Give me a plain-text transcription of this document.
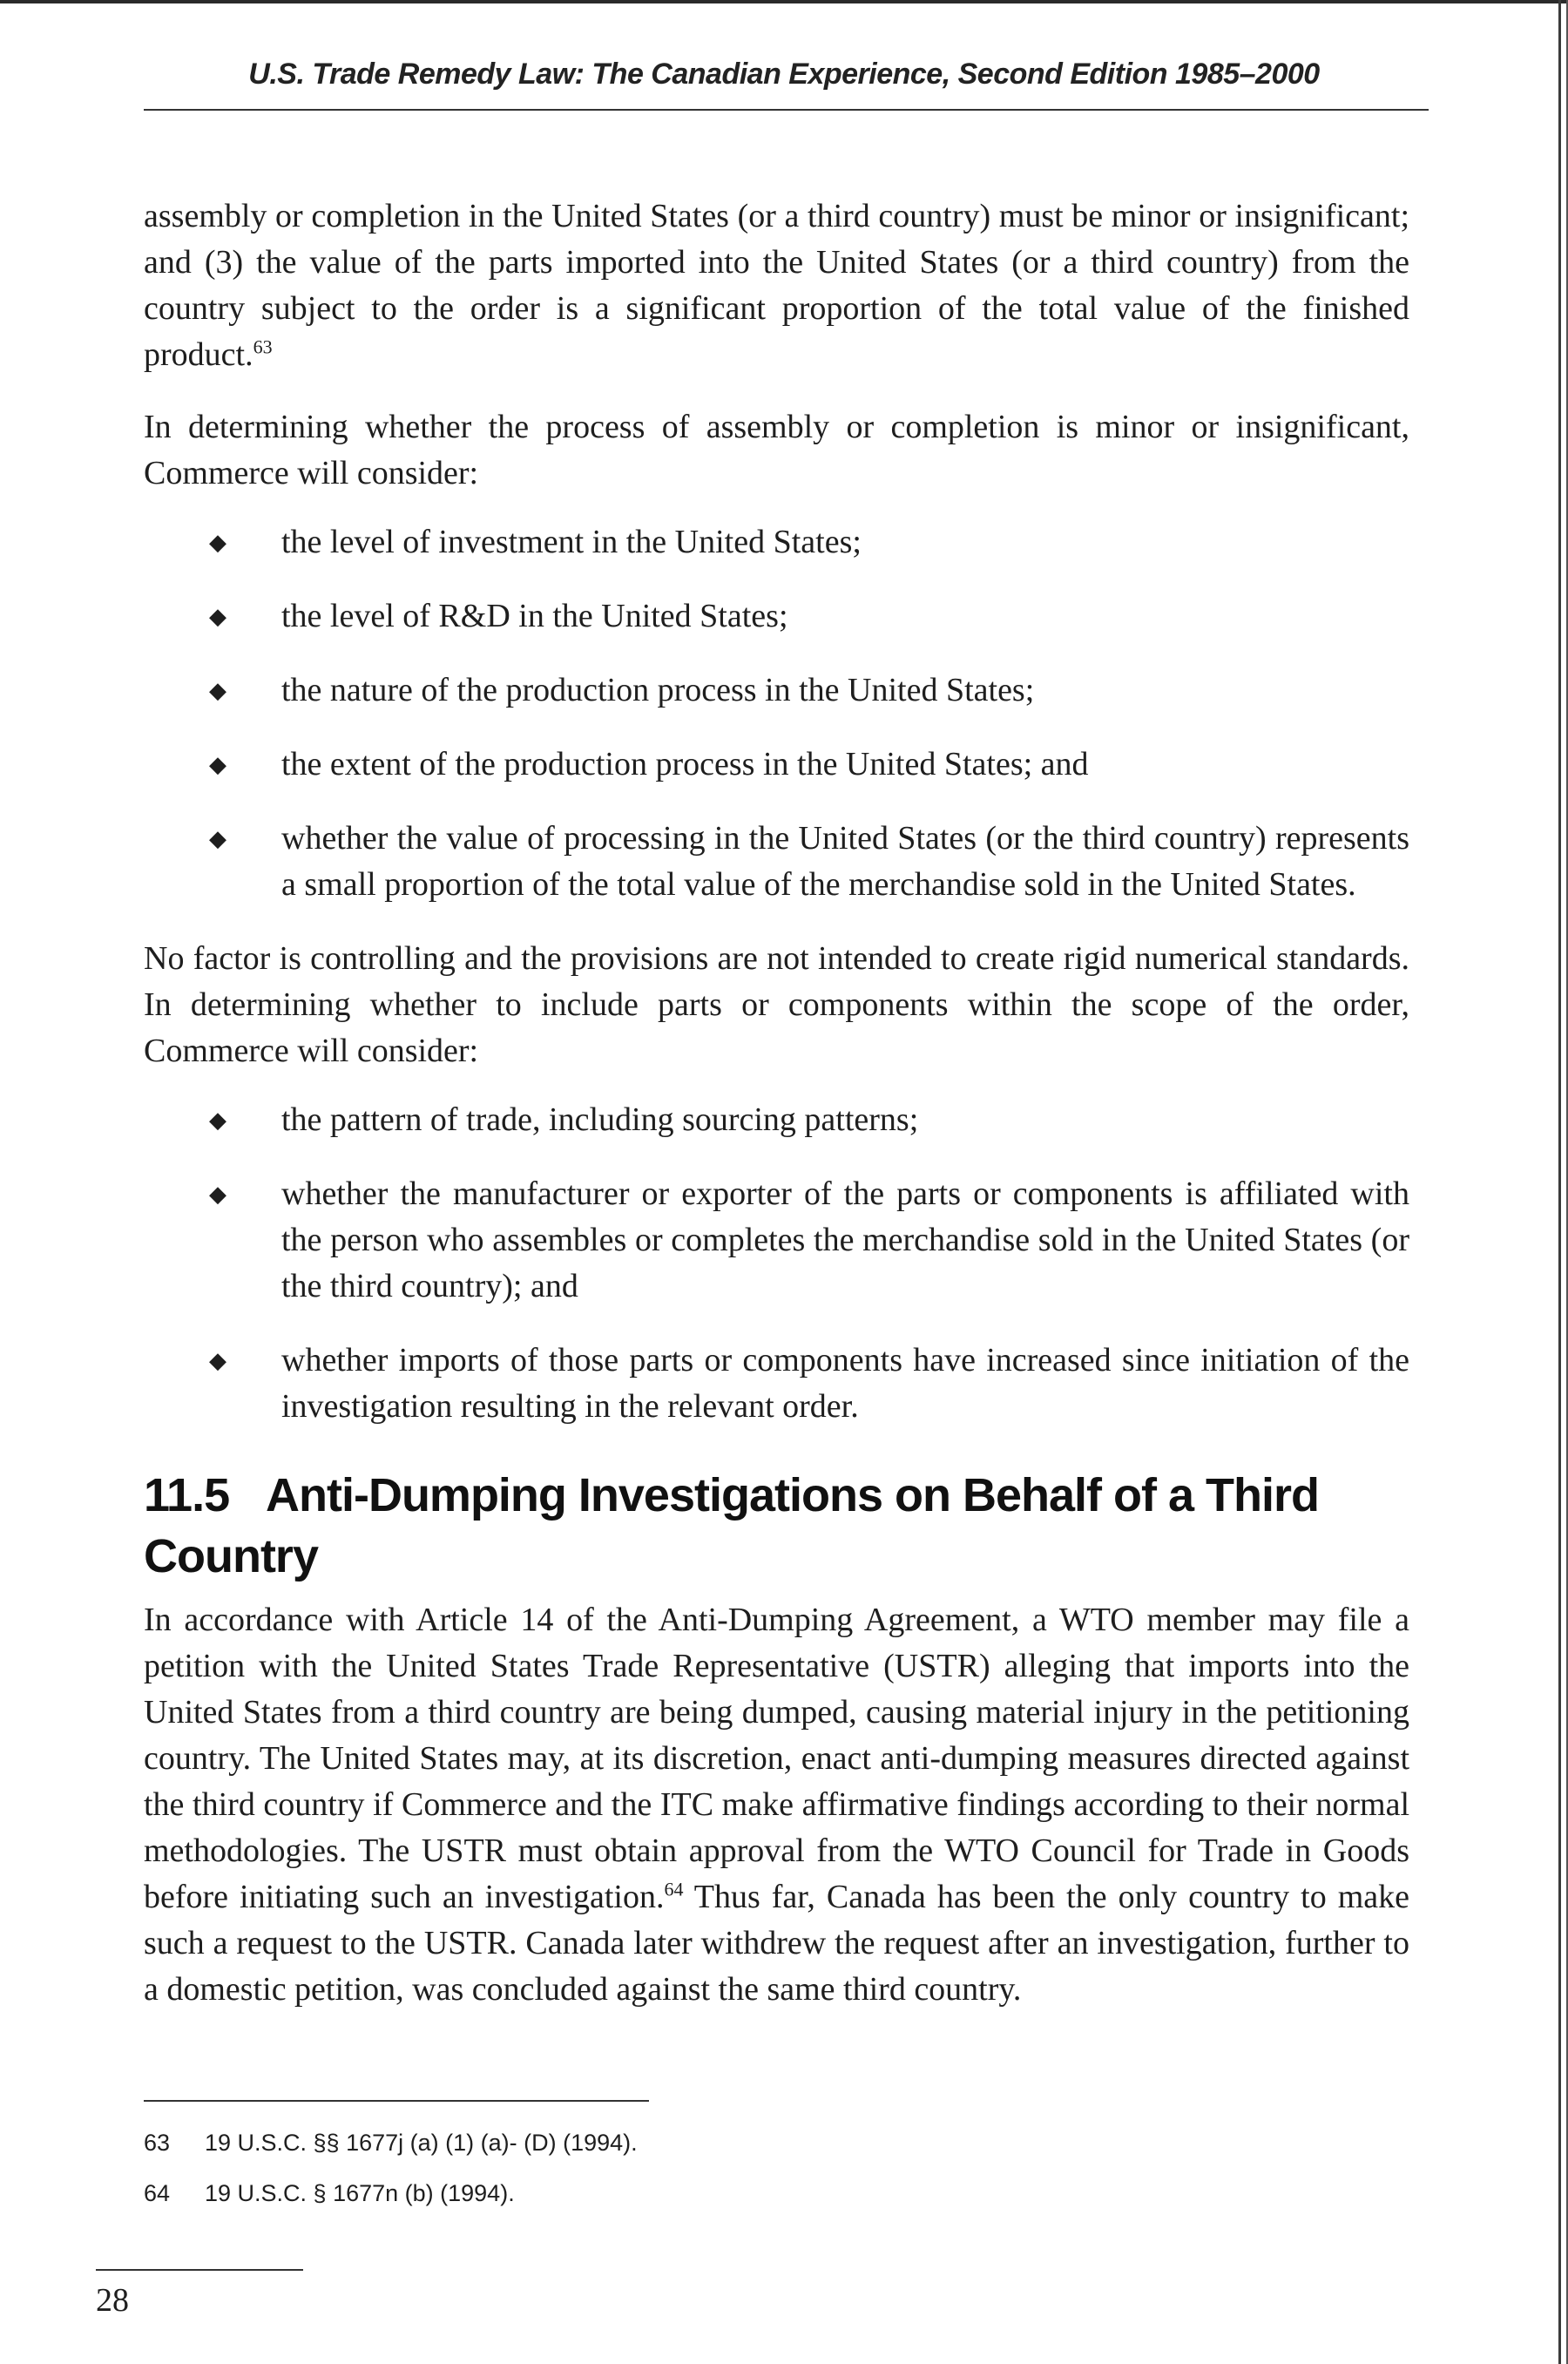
U.S. Trade Remedy Law: The Canadian Experience, Second Edition 1985–2000

assembly or completion in the United States (or a third country) must be minor or insignificant; and (3) the value of the parts imported into the United States (or a third country) from the country subject to the order is a significant proportion of the total value of the finished product.$^{63}$

In determining whether the process of assembly or completion is minor or insignificant, Commerce will consider:

◆ the level of investment in the United States;
◆ the level of R&D in the United States;
◆ the nature of the production process in the United States;
◆ the extent of the production process in the United States; and
◆ whether the value of processing in the United States (or the third country) represents a small proportion of the total value of the merchandise sold in the United States.

No factor is controlling and the provisions are not intended to create rigid numerical standards. In determining whether to include parts or components within the scope of the order, Commerce will consider:

◆ the pattern of trade, including sourcing patterns;
◆ whether the manufacturer or exporter of the parts or components is affiliated with the person who assembles or completes the merchandise sold in the United States (or the third country); and
◆ whether imports of those parts or components have increased since initiation of the investigation resulting in the relevant order.
11.5 Anti-Dumping Investigations on Behalf of a Third Country

In accordance with Article 14 of the Anti-Dumping Agreement, a WTO member may file a petition with the United States Trade Representative (USTR) alleging that imports into the United States from a third country are being dumped, causing material injury in the petitioning country. The United States may, at its discretion, enact anti-dumping measures directed against the third country if Commerce and the ITC make affirmative findings according to their normal methodologies. The USTR must obtain approval from the WTO Council for Trade in Goods before initiating such an investigation.$^{64}$ Thus far, Canada has been the only country to make such a request to the USTR. Canada later withdrew the request after an investigation, further to a domestic petition, was concluded against the same third country.

63	19 U.S.C. §§ 1677j (a) (1) (a)- (D) (1994).
64	19 U.S.C. § 1677n (b) (1994).
28
